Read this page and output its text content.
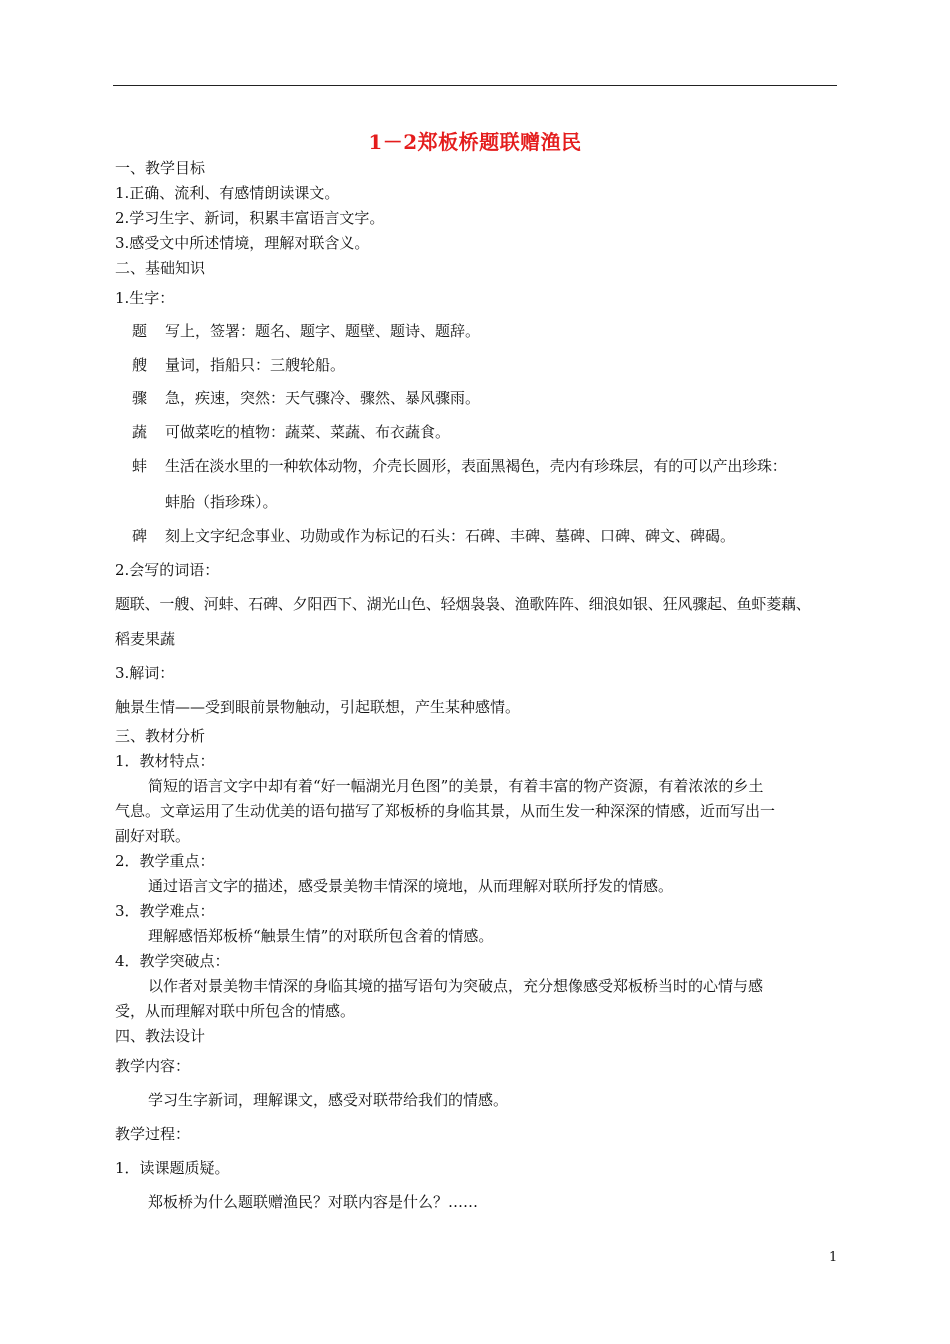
1－2郑板桥题联赠渔民
一、教学目标
1.正确、流利、有感情朗读课文。
2.学习生字、新词，积累丰富语言文字。
3.感受文中所述情境，理解对联含义。
二、基础知识
1.生字：
题 写上，签署：题名、题字、题壁、题诗、题辞。
艘 量词，指船只：三艘轮船。
骤 急，疾速，突然：天气骤冷、骤然、暴风骤雨。
蔬 可做菜吃的植物：蔬菜、菜蔬、布衣蔬食。
蚌 生活在淡水里的一种软体动物，介壳长圆形，表面黑褐色，壳内有珍珠层，有的可以产出珍珠：
蚌胎（指珍珠）。
碑 刻上文字纪念事业、功勋或作为标记的石头：石碑、丰碑、墓碑、口碑、碑文、碑碣。
2.会写的词语：
题联、一艘、河蚌、石碑、夕阳西下、湖光山色、轻烟袅袅、渔歌阵阵、细浪如银、狂风骤起、鱼虾菱藕、
稻麦果蔬
3.解词：
触景生情——受到眼前景物触动，引起联想，产生某种感情。
三、教材分析
1．教材特点：
简短的语言文字中却有着“好一幅湖光月色图”的美景，有着丰富的物产资源，有着浓浓的乡土
气息。文章运用了生动优美的语句描写了郑板桥的身临其景，从而生发一种深深的情感，近而写出一
副好对联。
2．教学重点：
通过语言文字的描述，感受景美物丰情深的境地，从而理解对联所抒发的情感。
3．教学难点：
理解感悟郑板桥“触景生情”的对联所包含着的情感。
4．教学突破点：
以作者对景美物丰情深的身临其境的描写语句为突破点，充分想像感受郑板桥当时的心情与感
受，从而理解对联中所包含的情感。
四、教法设计
教学内容：
学习生字新词，理解课文，感受对联带给我们的情感。
教学过程：
1．读课题质疑。
郑板桥为什么题联赠渔民？对联内容是什么？……
1
